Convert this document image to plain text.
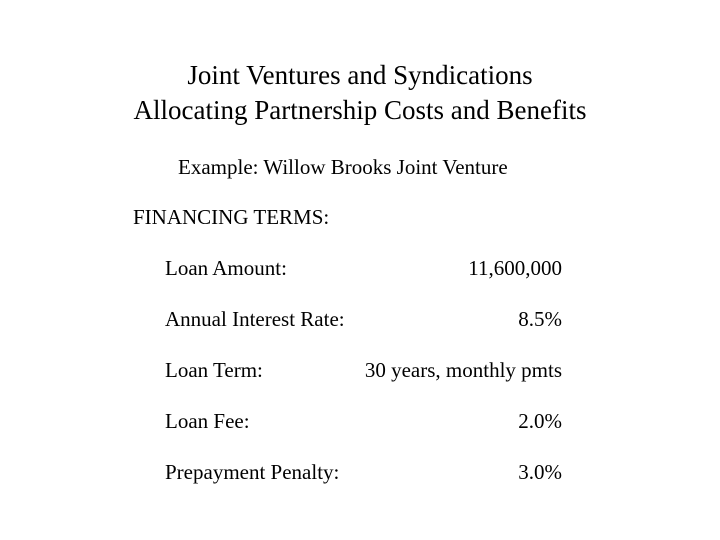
Joint Ventures and Syndications
Allocating Partnership Costs and Benefits
Example: Willow Brooks Joint Venture
FINANCING TERMS:
Loan Amount:	11,600,000
Annual Interest Rate:	8.5%
Loan Term:	30 years, monthly pmts
Loan Fee:	2.0%
Prepayment Penalty:	3.0%
